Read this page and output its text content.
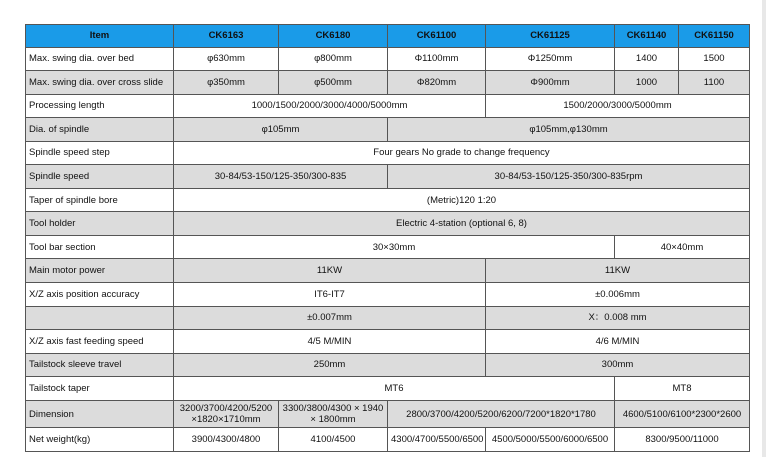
Item	CK6163	CK6180	CK61100	CK61125	CK61140	CK61150
Max. swing dia. over bed	φ630mm	φ800mm	Φ1100mm	Φ1250mm	1400	1500
Max. swing dia. over cross slide	φ350mm	φ500mm	Φ820mm	Φ900mm	1000	1100
Processing length	1000/1500/2000/3000/4000/5000mm			1500/2000/3000/5000mm		
Dia. of spindle	φ105mm		φ105mm,φ130mm			
Spindle speed step	Four gears No grade to change frequency					
Spindle speed	30-84/53-150/125-350/300-835		30-84/53-150/125-350/300-835rpm			
Taper of spindle bore	(Metric)120 1:20					
Tool holder	Electric 4-station (optional 6, 8)					
Tool bar section	30×30mm				40×40mm	
Main motor power	11KW			11KW		
X/Z axis position accuracy	IT6-IT7			±0.006mm		
	±0.007mm			X：0.008 mm		
X/Z axis fast feeding speed	4/5 M/MIN			4/6 M/MIN		
Tailstock sleeve travel	250mm			300mm		
Tailstock taper	MT6				MT8	
Dimension	3200/3700/4200/5200 ×1820×1710mm	3300/3800/4300 × 1940 × 1800mm	2800/3700/4200/5200/6200/7200*1820*1780		4600/5100/6100*2300*2600	
Net weight(kg)	3900/4300/4800	4100/4500	4300/4700/5500/6500	4500/5000/5500/6000/6500	8300/9500/11000	
